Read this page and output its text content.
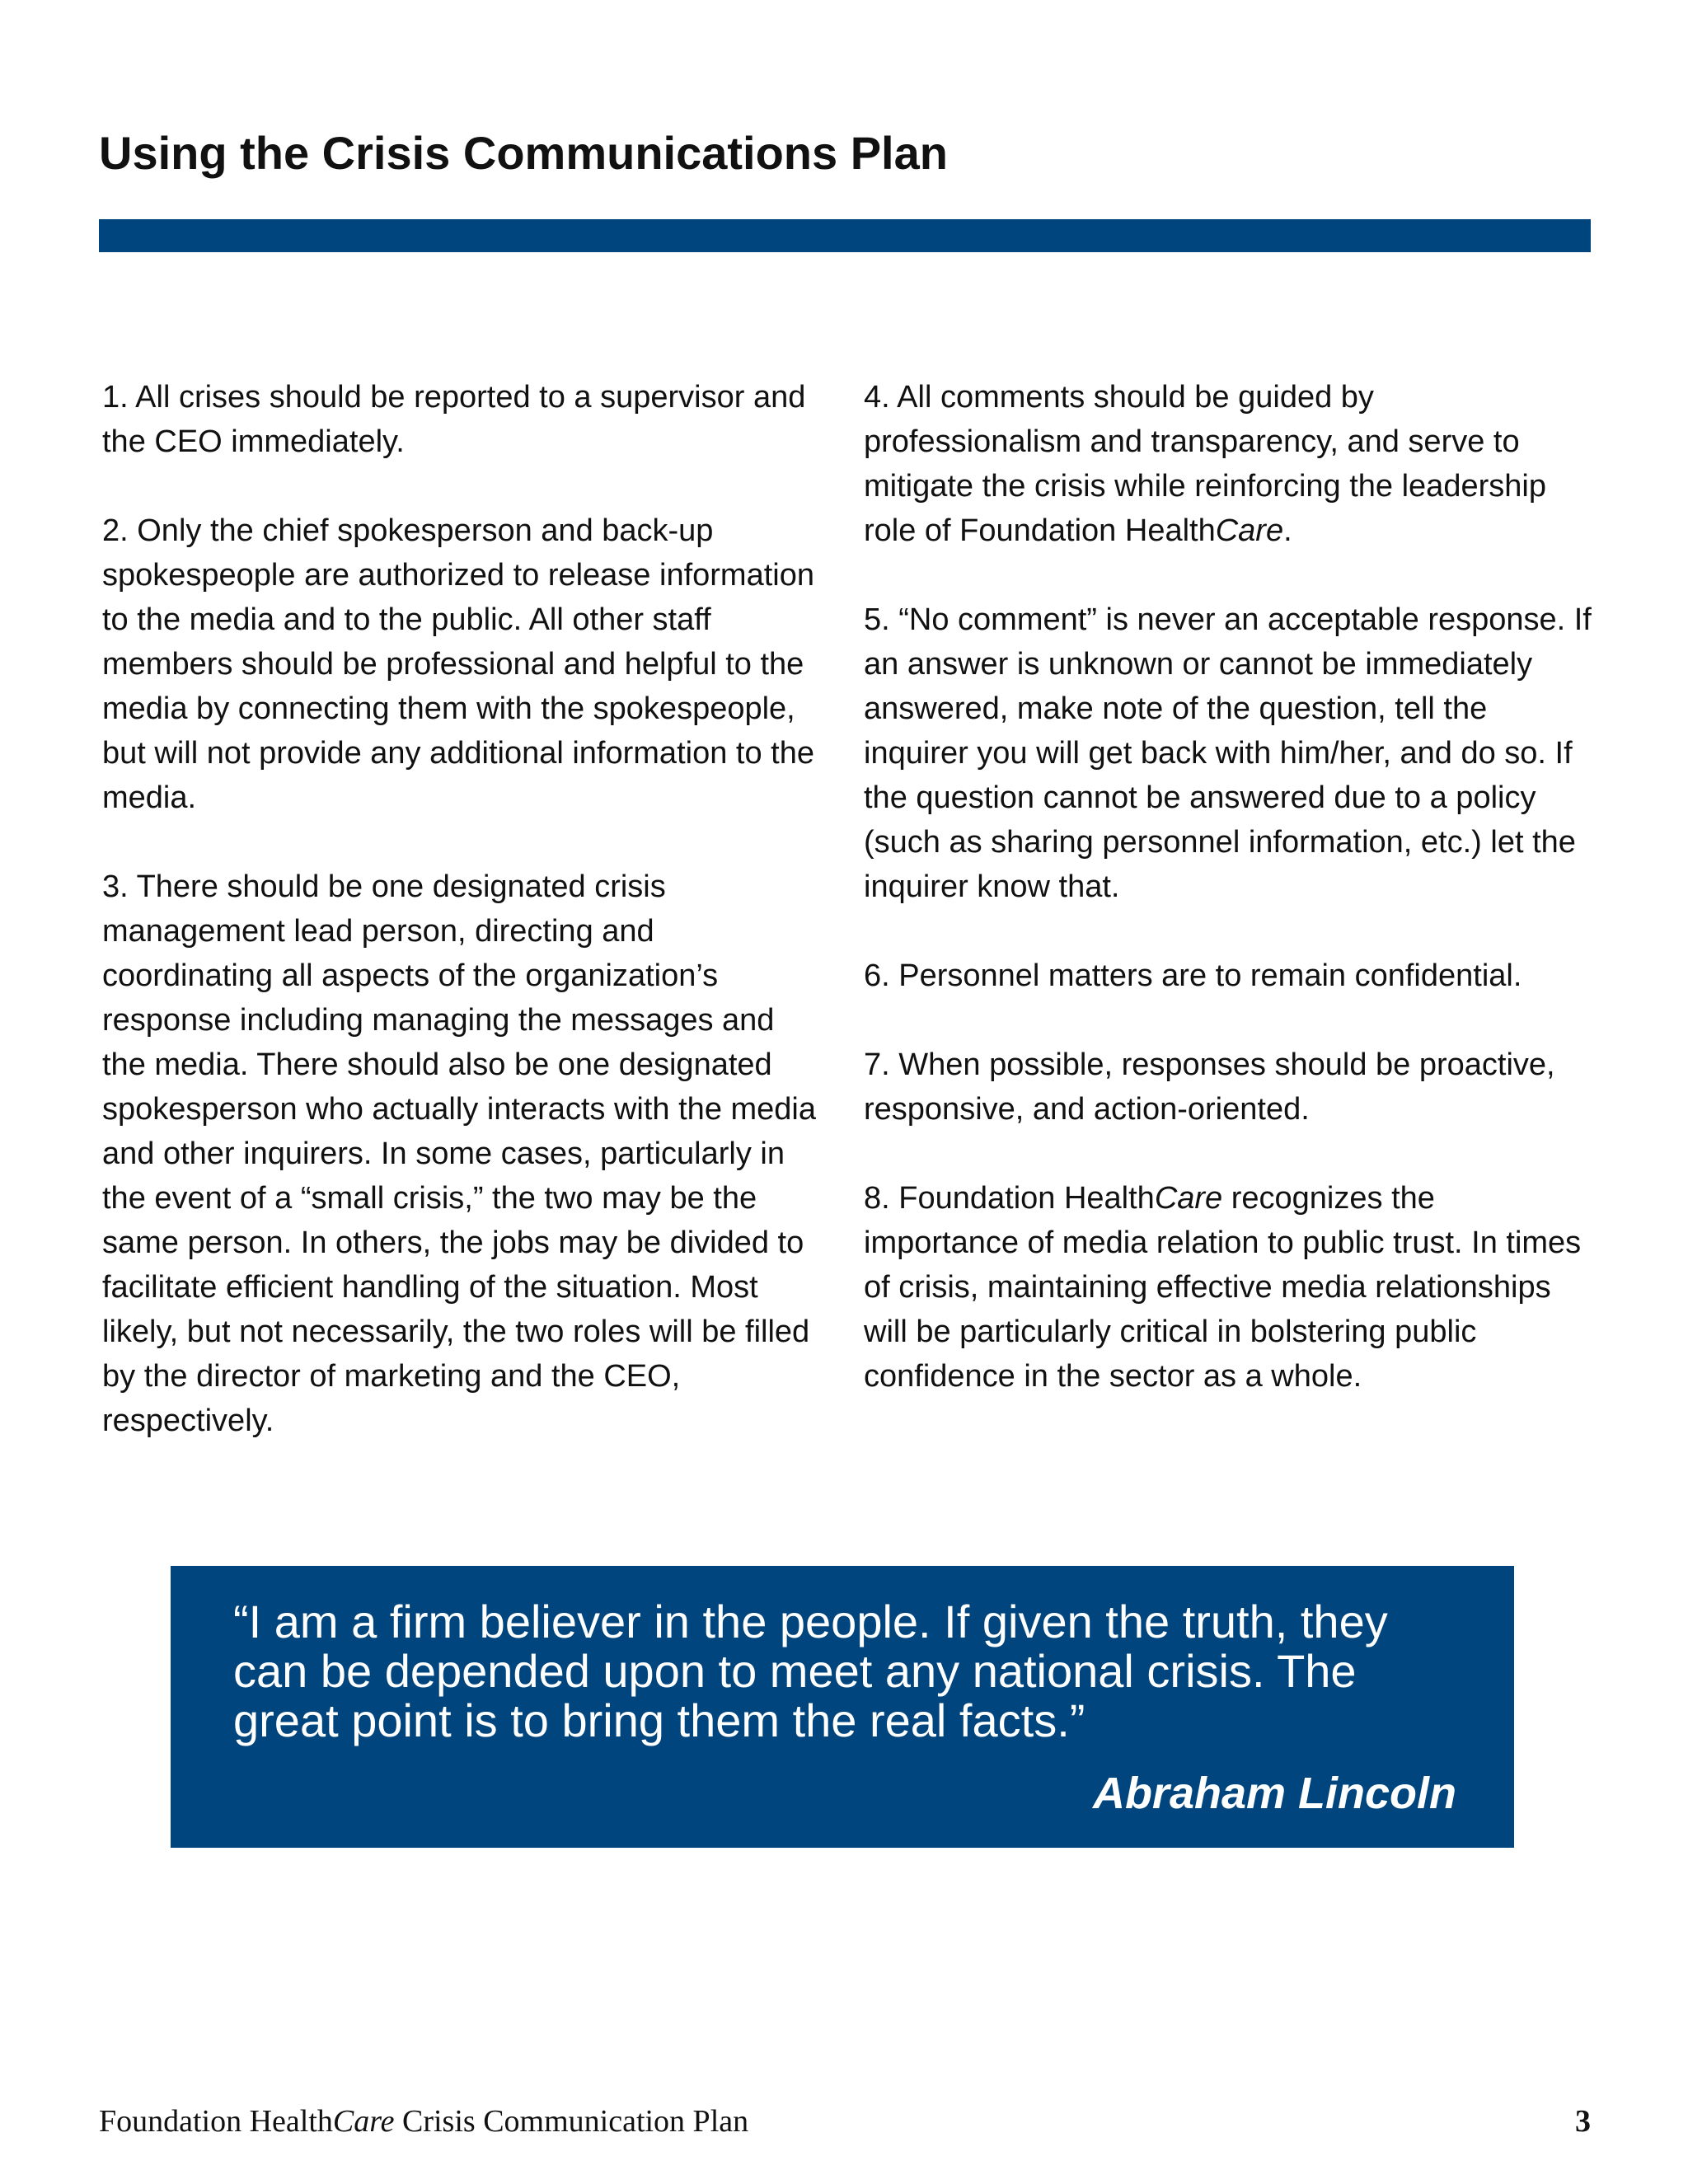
Using the Crisis Communications Plan

1. All crises should be reported to a supervisor and the CEO immediately.

2. Only the chief spokesperson and back-up spokespeople are authorized to release information to the media and to the public. All other staff members should be professional and helpful to the media by connecting them with the spokespeople, but will not provide any additional information to the media.

3. There should be one designated crisis management lead person, directing and coordinating all aspects of the organization’s response including managing the messages and the media. There should also be one designated spokesperson who actually interacts with the media and other inquirers. In some cases, particularly in the event of a “small crisis,” the two may be the same person. In others, the jobs may be divided to facilitate efficient handling of the situation. Most likely, but not necessarily, the two roles will be filled by the director of marketing and the CEO, respectively.

4. All comments should be guided by professionalism and transparency, and serve to mitigate the crisis while reinforcing the leadership role of Foundation HealthCare.

5. “No comment” is never an acceptable response. If an answer is unknown or cannot be immediately answered, make note of the question, tell the inquirer you will get back with him/her, and do so. If the question cannot be answered due to a policy (such as sharing personnel information, etc.) let the inquirer know that.

6. Personnel matters are to remain confidential.

7. When possible, responses should be proactive, responsive, and action-oriented.

8. Foundation HealthCare recognizes the importance of media relation to public trust. In times of crisis, maintaining effective media relationships will be particularly critical in bolstering public confidence in the sector as a whole.

“I am a firm believer in the people. If given the truth, they can be depended upon to meet any national crisis. The great point is to bring them the real facts.”

Abraham Lincoln

Foundation HealthCare Crisis Communication Plan	3
